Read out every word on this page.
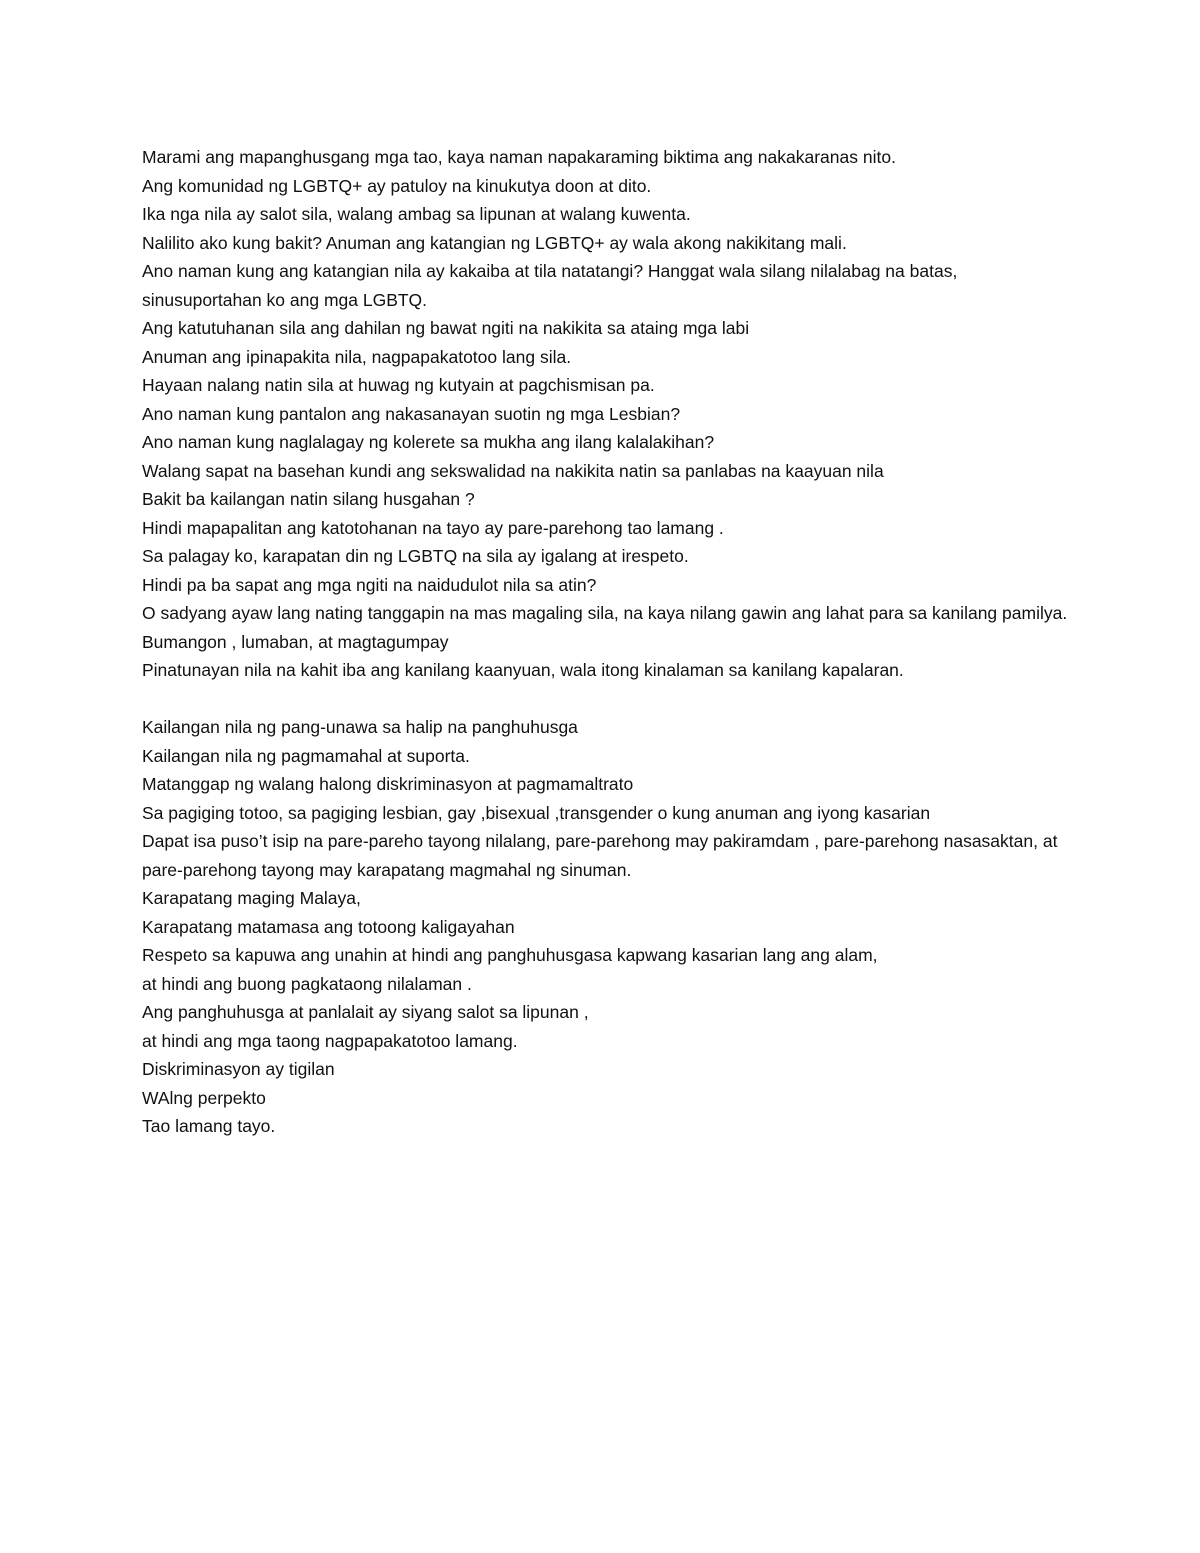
Marami ang mapanghusgang mga tao, kaya naman napakaraming biktima ang nakakaranas nito.
Ang komunidad ng LGBTQ+ ay patuloy na kinukutya doon at dito.
Ika nga nila ay salot sila, walang ambag sa lipunan at walang kuwenta.
Nalilito ako kung bakit? Anuman ang katangian ng LGBTQ+ ay wala akong nakikitang mali.
Ano naman kung ang katangian nila ay kakaiba at tila natatangi? Hanggat wala silang nilalabag na batas, sinusuportahan ko ang mga LGBTQ.
Ang katutuhanan sila ang dahilan ng bawat ngiti na nakikita sa ataing mga labi
Anuman ang ipinapakita nila, nagpapakatotoo lang sila.
Hayaan nalang natin sila at huwag ng kutyain at pagchismisan pa.
Ano naman kung pantalon ang nakasanayan suotin ng mga Lesbian?
Ano naman kung naglalagay ng kolerete sa mukha ang ilang kalalakihan?
Walang sapat na basehan kundi ang sekswalidad na nakikita natin sa panlabas na kaayuan nila
Bakit ba kailangan natin silang husgahan ?
Hindi mapapalitan ang katotohanan na tayo ay pare-parehong tao lamang .
Sa palagay ko, karapatan din ng LGBTQ na sila ay igalang at irespeto.
Hindi pa ba sapat ang mga ngiti na naidudulot nila sa atin?
O sadyang ayaw lang nating tanggapin na mas magaling sila, na kaya nilang gawin ang lahat para sa kanilang pamilya.
Bumangon , lumaban, at magtagumpay
Pinatunayan nila na kahit iba ang kanilang kaanyuan, wala itong kinalaman sa kanilang kapalaran.
Kailangan nila ng pang-unawa sa halip na panghuhusga
Kailangan nila ng pagmamahal at suporta.
Matanggap ng walang halong diskriminasyon at pagmamaltrato
Sa pagiging totoo, sa pagiging lesbian, gay ,bisexual ,transgender o kung anuman ang iyong kasarian
Dapat isa puso’t isip na pare-pareho tayong nilalang, pare-parehong may pakiramdam , pare-parehong nasasaktan, at pare-parehong tayong may karapatang magmahal ng sinuman.
Karapatang maging Malaya,
Karapatang matamasa ang totoong kaligayahan
Respeto sa kapuwa ang unahin at hindi ang panghuhusgasa kapwang kasarian lang ang alam,
at hindi ang buong pagkataong nilalaman .
Ang panghuhusga at panlalait ay siyang salot sa lipunan ,
at hindi ang mga taong nagpapakatotoo lamang.
Diskriminasyon ay tigilan
WAlng perpekto
Tao lamang tayo.
